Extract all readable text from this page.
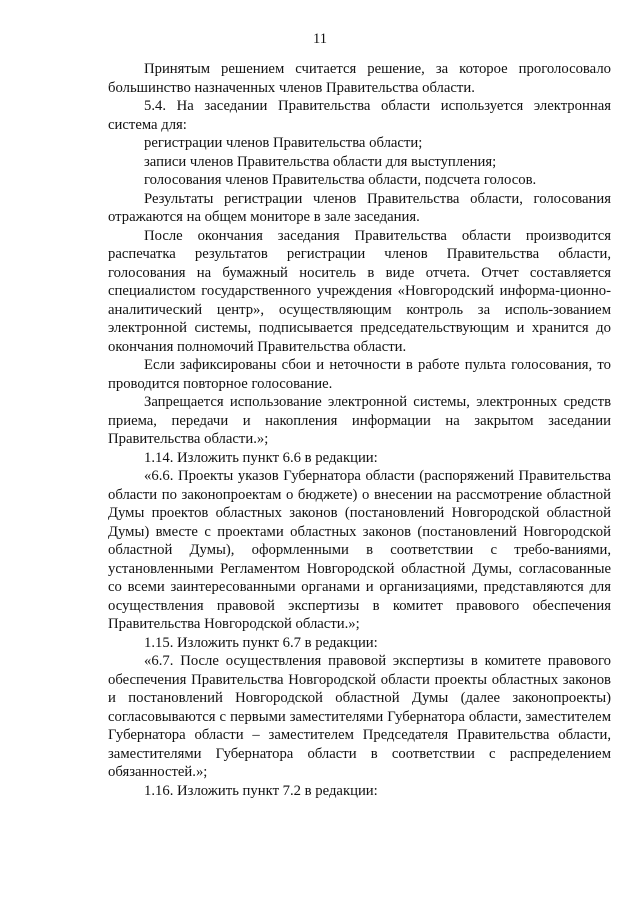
11

Принятым решением считается решение, за которое проголосовало большинство назначенных членов Правительства области.

5.4. На заседании Правительства области используется электронная система для:

регистрации членов Правительства области;

записи членов Правительства области для выступления;

голосования членов Правительства области, подсчета голосов.

Результаты регистрации членов Правительства области, голосования отражаются на общем мониторе в зале заседания.

После окончания заседания Правительства области производится распечатка результатов регистрации членов Правительства области, голосования на бумажный носитель в виде отчета. Отчет составляется специалистом государственного учреждения «Новгородский информа-ционно-аналитический центр», осуществляющим контроль за исполь-зованием электронной системы, подписывается председательствующим и хранится до окончания полномочий Правительства области.

Если зафиксированы сбои и неточности в работе пульта голосования, то проводится повторное голосование.

Запрещается использование электронной системы, электронных средств приема, передачи и накопления информации на закрытом заседании Правительства области.»;

1.14. Изложить пункт 6.6 в редакции:

«6.6. Проекты указов Губернатора области (распоряжений Правительства области по законопроектам о бюджете) о внесении на рассмотрение областной Думы проектов областных законов (постановлений Новгородской областной Думы) вместе с проектами областных законов (постановлений Новгородской областной Думы), оформленными в соответствии с требо-ваниями, установленными Регламентом Новгородской областной Думы, согласованные со всеми заинтересованными органами и организациями, представляются для осуществления правовой экспертизы в комитет правового обеспечения Правительства Новгородской области.»;

1.15. Изложить пункт 6.7 в редакции:

«6.7. После осуществления правовой экспертизы в комитете правового обеспечения Правительства Новгородской области проекты областных законов и постановлений Новгородской областной Думы (далее законопроекты) согласовываются с первыми заместителями Губернатора области, заместителем Губернатора области – заместителем Председателя Правительства области, заместителями Губернатора области в соответствии с распределением обязанностей.»;

1.16. Изложить пункт 7.2 в редакции:
